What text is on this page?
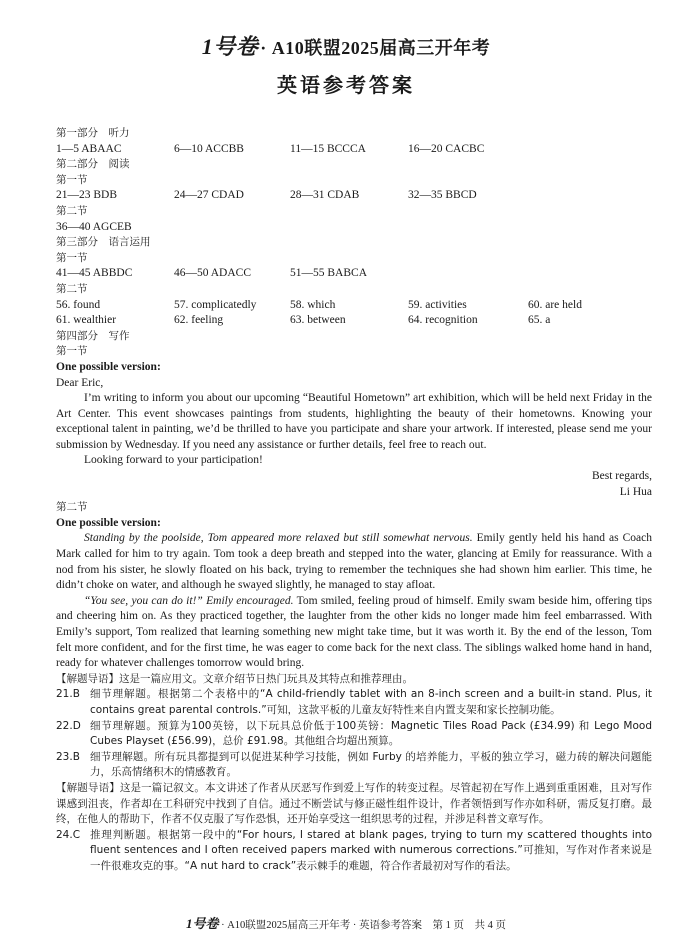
1号卷 · A10联盟2025届高三开年考
英语参考答案
第一部分　听力
1—5 ABAAC	6—10 ACCBB	11—15 BCCCA	16—20 CACBC
第二部分　阅读
第一节
21—23 BDB	24—27 CDAD	28—31 CDAB	32—35 BBCD
第二节
36—40 AGCEB
第三部分　语言运用
第一节
41—45 ABBDC	46—50 ADACC	51—55 BABCA
第二节
56. found	57. complicatedly	58. which	59. activities	60. are held
61. wealthier	62. feeling	63. between	64. recognition	65. a
第四部分　写作
第一节
One possible version:
Dear Eric,

I’m writing to inform you about our upcoming “Beautiful Hometown” art exhibition, which will be held next Friday in the Art Center. This event showcases paintings from students, highlighting the beauty of their hometowns. Knowing your exceptional talent in painting, we’d be thrilled to have you participate and share your artwork. If interested, please send me your submission by Wednesday. If you need any assistance or further details, feel free to reach out.

Looking forward to your participation!

Best regards,
Li Hua
第二节
One possible version:

Standing by the poolside, Tom appeared more relaxed but still somewhat nervous. Emily gently held his hand as Coach Mark called for him to try again. Tom took a deep breath and stepped into the water, glancing at Emily for reassurance. With a nod from his sister, he slowly floated on his back, trying to remember the techniques she had shown him earlier. This time, he didn’t choke on water, and although he swayed slightly, he managed to stay afloat.

“You see, you can do it!” Emily encouraged. Tom smiled, feeling proud of himself. Emily swam beside him, offering tips and cheering him on. As they practiced together, the laughter from the other kids no longer made him feel embarrassed. With Emily’s support, Tom realized that learning something new might take time, but it was worth it. By the end of the lesson, Tom felt more confident, and for the first time, he was eager to come back for the next class. The siblings walked home hand in hand, ready for whatever challenges tomorrow would bring.

【解题导语】这是一篇应用文。文章介绍节日热门玩具及其特点和推荐理由。
21.B 细节理解题。根据第二个表格中的“A child-friendly tablet with an 8-inch screen and a built-in stand. Plus, it contains great parental controls.”可知，这款平板的儿童友好特性来自内置支架和家长控制功能。
22.D 细节理解题。预算为100英镑，以下玩具总价低于100英镑：Magnetic Tiles Road Pack (£34.99) 和 Lego Mood Cubes Playset (£56.99)，总价 £91.98。其他组合均超出预算。
23.B 细节理解题。所有玩具都提到可以促进某种学习技能，例如 Furby 的培养能力，平板的独立学习，磁力砖的解决问题能力，乐高情绪积木的情感教育。
【解题导语】这是一篇记叙文。本文讲述了作者从厌恶写作到爱上写作的转变过程。尽管起初在写作上遇到重重困难，且对写作课感到沮丧，作者却在工科研究中找到了自信。通过不断尝试与修正磁性组件设计，作者领悟到写作亦如科研，需反复打磨。最终，在他人的帮助下，作者不仅克服了写作恐惧，还开始享受这一组织思考的过程，并涉足科普文章写作。
24.C 推理判断题。根据第一段中的“For hours, I stared at blank pages, trying to turn my scattered thoughts into fluent sentences and I often received papers marked with numerous corrections.”可推知，写作对作者来说是一件很难攻克的事。“A nut hard to crack”表示棘手的难题，符合作者最初对写作的看法。
1号卷 · A10联盟2025届高三开年考 · 英语参考答案　第 1 页　共 4 页
